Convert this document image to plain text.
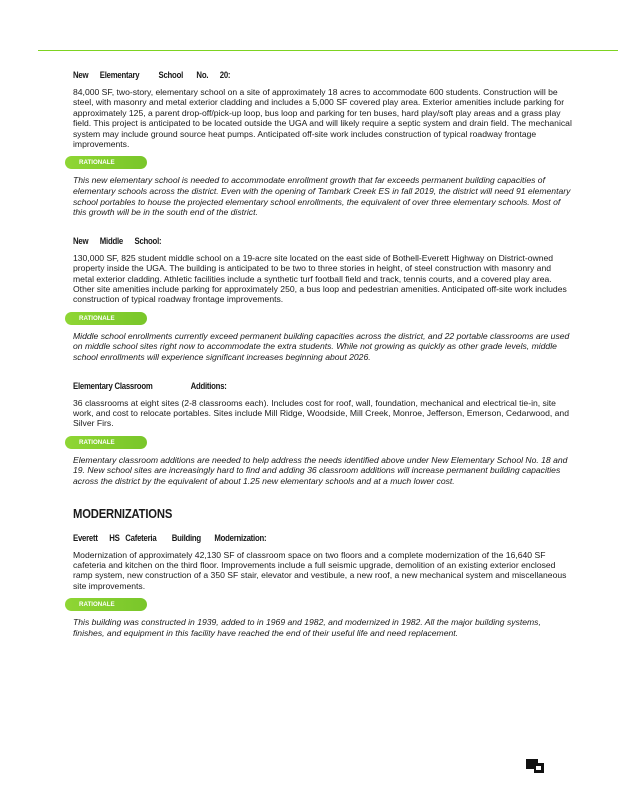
New      Elementary          School       No.      20:

84,000 SF, two-story, elementary school on a site of approximately 18 acres to accommodate 600 students. Construction will be steel, with masonry and metal exterior cladding and includes a 5,000 SF covered play area. Exterior amenities include parking for approximately 125, a parent drop-off/pick-up loop, bus loop and parking for ten buses, hard play/soft play areas and a grass play field. This project is anticipated to be located outside the UGA and will likely require a septic system and drain field. The mechanical system may include ground source heat pumps. Anticipated off-site work includes construction of typical roadway frontage improvements.

RATIONALE

This new elementary school is needed to accommodate enrollment growth that far exceeds permanent building capacities of elementary schools across the district. Even with the opening of Tambark Creek ES in fall 2019, the district will need 91 elementary school portables to house the projected elementary school enrollments, the equivalent of over three elementary schools. Most of this growth will be in the south end of the district.

New      Middle      School:

130,000 SF, 825 student middle school on a 19-acre site located on the east side of Bothell-Everett Highway on District-owned property inside the UGA. The building is anticipated to be two to three stories in height, of steel construction with masonry and metal exterior cladding. Athletic facilities include a synthetic turf football field and track, tennis courts, and a covered play area. Other site amenities include parking for approximately 250, a bus loop and pedestrian amenities. Anticipated off-site work includes construction of typical roadway frontage improvements.

RATIONALE

Middle school enrollments currently exceed permanent building capacities across the district, and 22 portable classrooms are used on middle school sites right now to accommodate the extra students. While not growing as quickly as other grade levels, middle school enrollments will experience significant increases beginning about 2026.

Elementary Classroom                    Additions:

36 classrooms at eight sites (2-8 classrooms each). Includes cost for roof, wall, foundation, mechanical and electrical tie-in, site work, and cost to relocate portables. Sites include Mill Ridge, Woodside, Mill Creek, Monroe, Jefferson, Emerson, Cedarwood, and Silver Firs.

RATIONALE

Elementary classroom additions are needed to help address the needs identified above under New Elementary School No. 18 and 19. New school sites are increasingly hard to find and adding 36 classroom additions will increase permanent building capacities across the district by the equivalent of about 1.25 new elementary schools and at a much lower cost.

MODERNIZATIONS
Everett      HS   Cafeteria        Building       Modernization:

Modernization of approximately 42,130 SF of classroom space on two floors and a complete modernization of the 16,640 SF cafeteria and kitchen on the third floor. Improvements include a full seismic upgrade, demolition of an existing exterior enclosed ramp system, new construction of a 350 SF stair, elevator and vestibule, a new roof, a new mechanical system and miscellaneous site improvements.

RATIONALE

This building was constructed in 1939, added to in 1969 and 1982, and modernized in 1982. All the major building systems, finishes, and equipment in this facility have reached the end of their useful life and need replacement.
